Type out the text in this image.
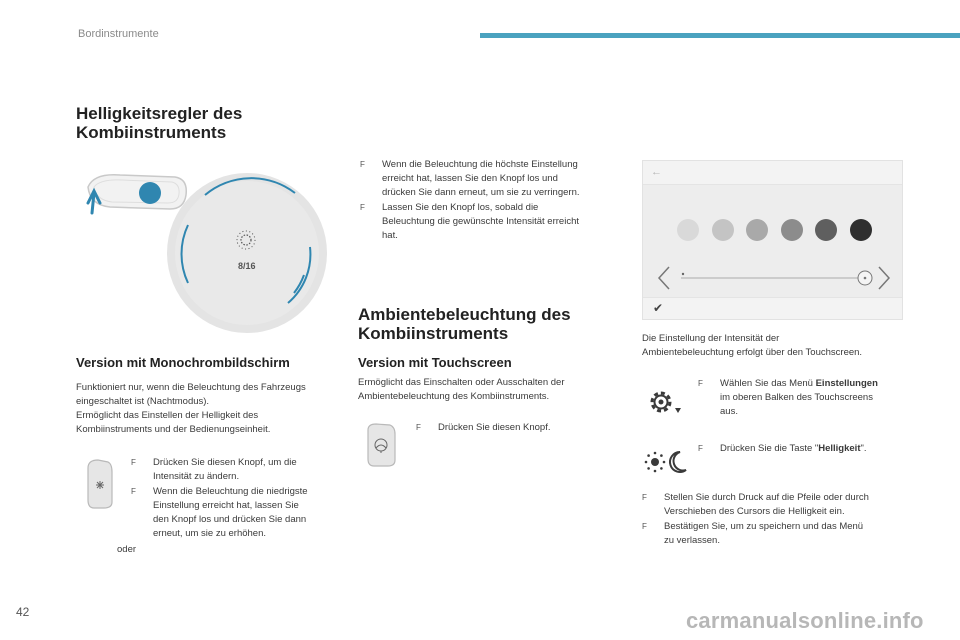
Bordinstrumente
Helligkeitsregler des
Kombiinstruments
8/16
Version mit Monochrombildschirm
Funktioniert nur, wenn die Beleuchtung des Fahrzeugs
eingeschaltet ist (Nachtmodus).
Ermöglicht das Einstellen der Helligkeit des
Kombiinstruments und der Bedienungseinheit.
F Drücken Sie diesen Knopf, um die
Intensität zu ändern.
F Wenn die Beleuchtung die niedrigste
Einstellung erreicht hat, lassen Sie
den Knopf los und drücken Sie dann
erneut, um sie zu erhöhen.
oder
F Wenn die Beleuchtung die höchste Einstellung
erreicht hat, lassen Sie den Knopf los und
drücken Sie dann erneut, um sie zu verringern.
F Lassen Sie den Knopf los, sobald die
Beleuchtung die gewünschte Intensität erreicht
hat.
Ambientebeleuchtung des
Kombiinstruments
Version mit Touchscreen
Ermöglicht das Einschalten oder Ausschalten der
Ambientebeleuchtung des Kombiinstruments.
F Drücken Sie diesen Knopf.
←
✔
Die Einstellung der Intensität der
Ambientebeleuchtung erfolgt über den Touchscreen.
F Wählen Sie das Menü Einstellungen
im oberen Balken des Touchscreens
aus.
F Drücken Sie die Taste "Helligkeit".
F Stellen Sie durch Druck auf die Pfeile oder durch
Verschieben des Cursors die Helligkeit ein.
F Bestätigen Sie, um zu speichern und das Menü
zu verlassen.
42	carmanualsonline.info
